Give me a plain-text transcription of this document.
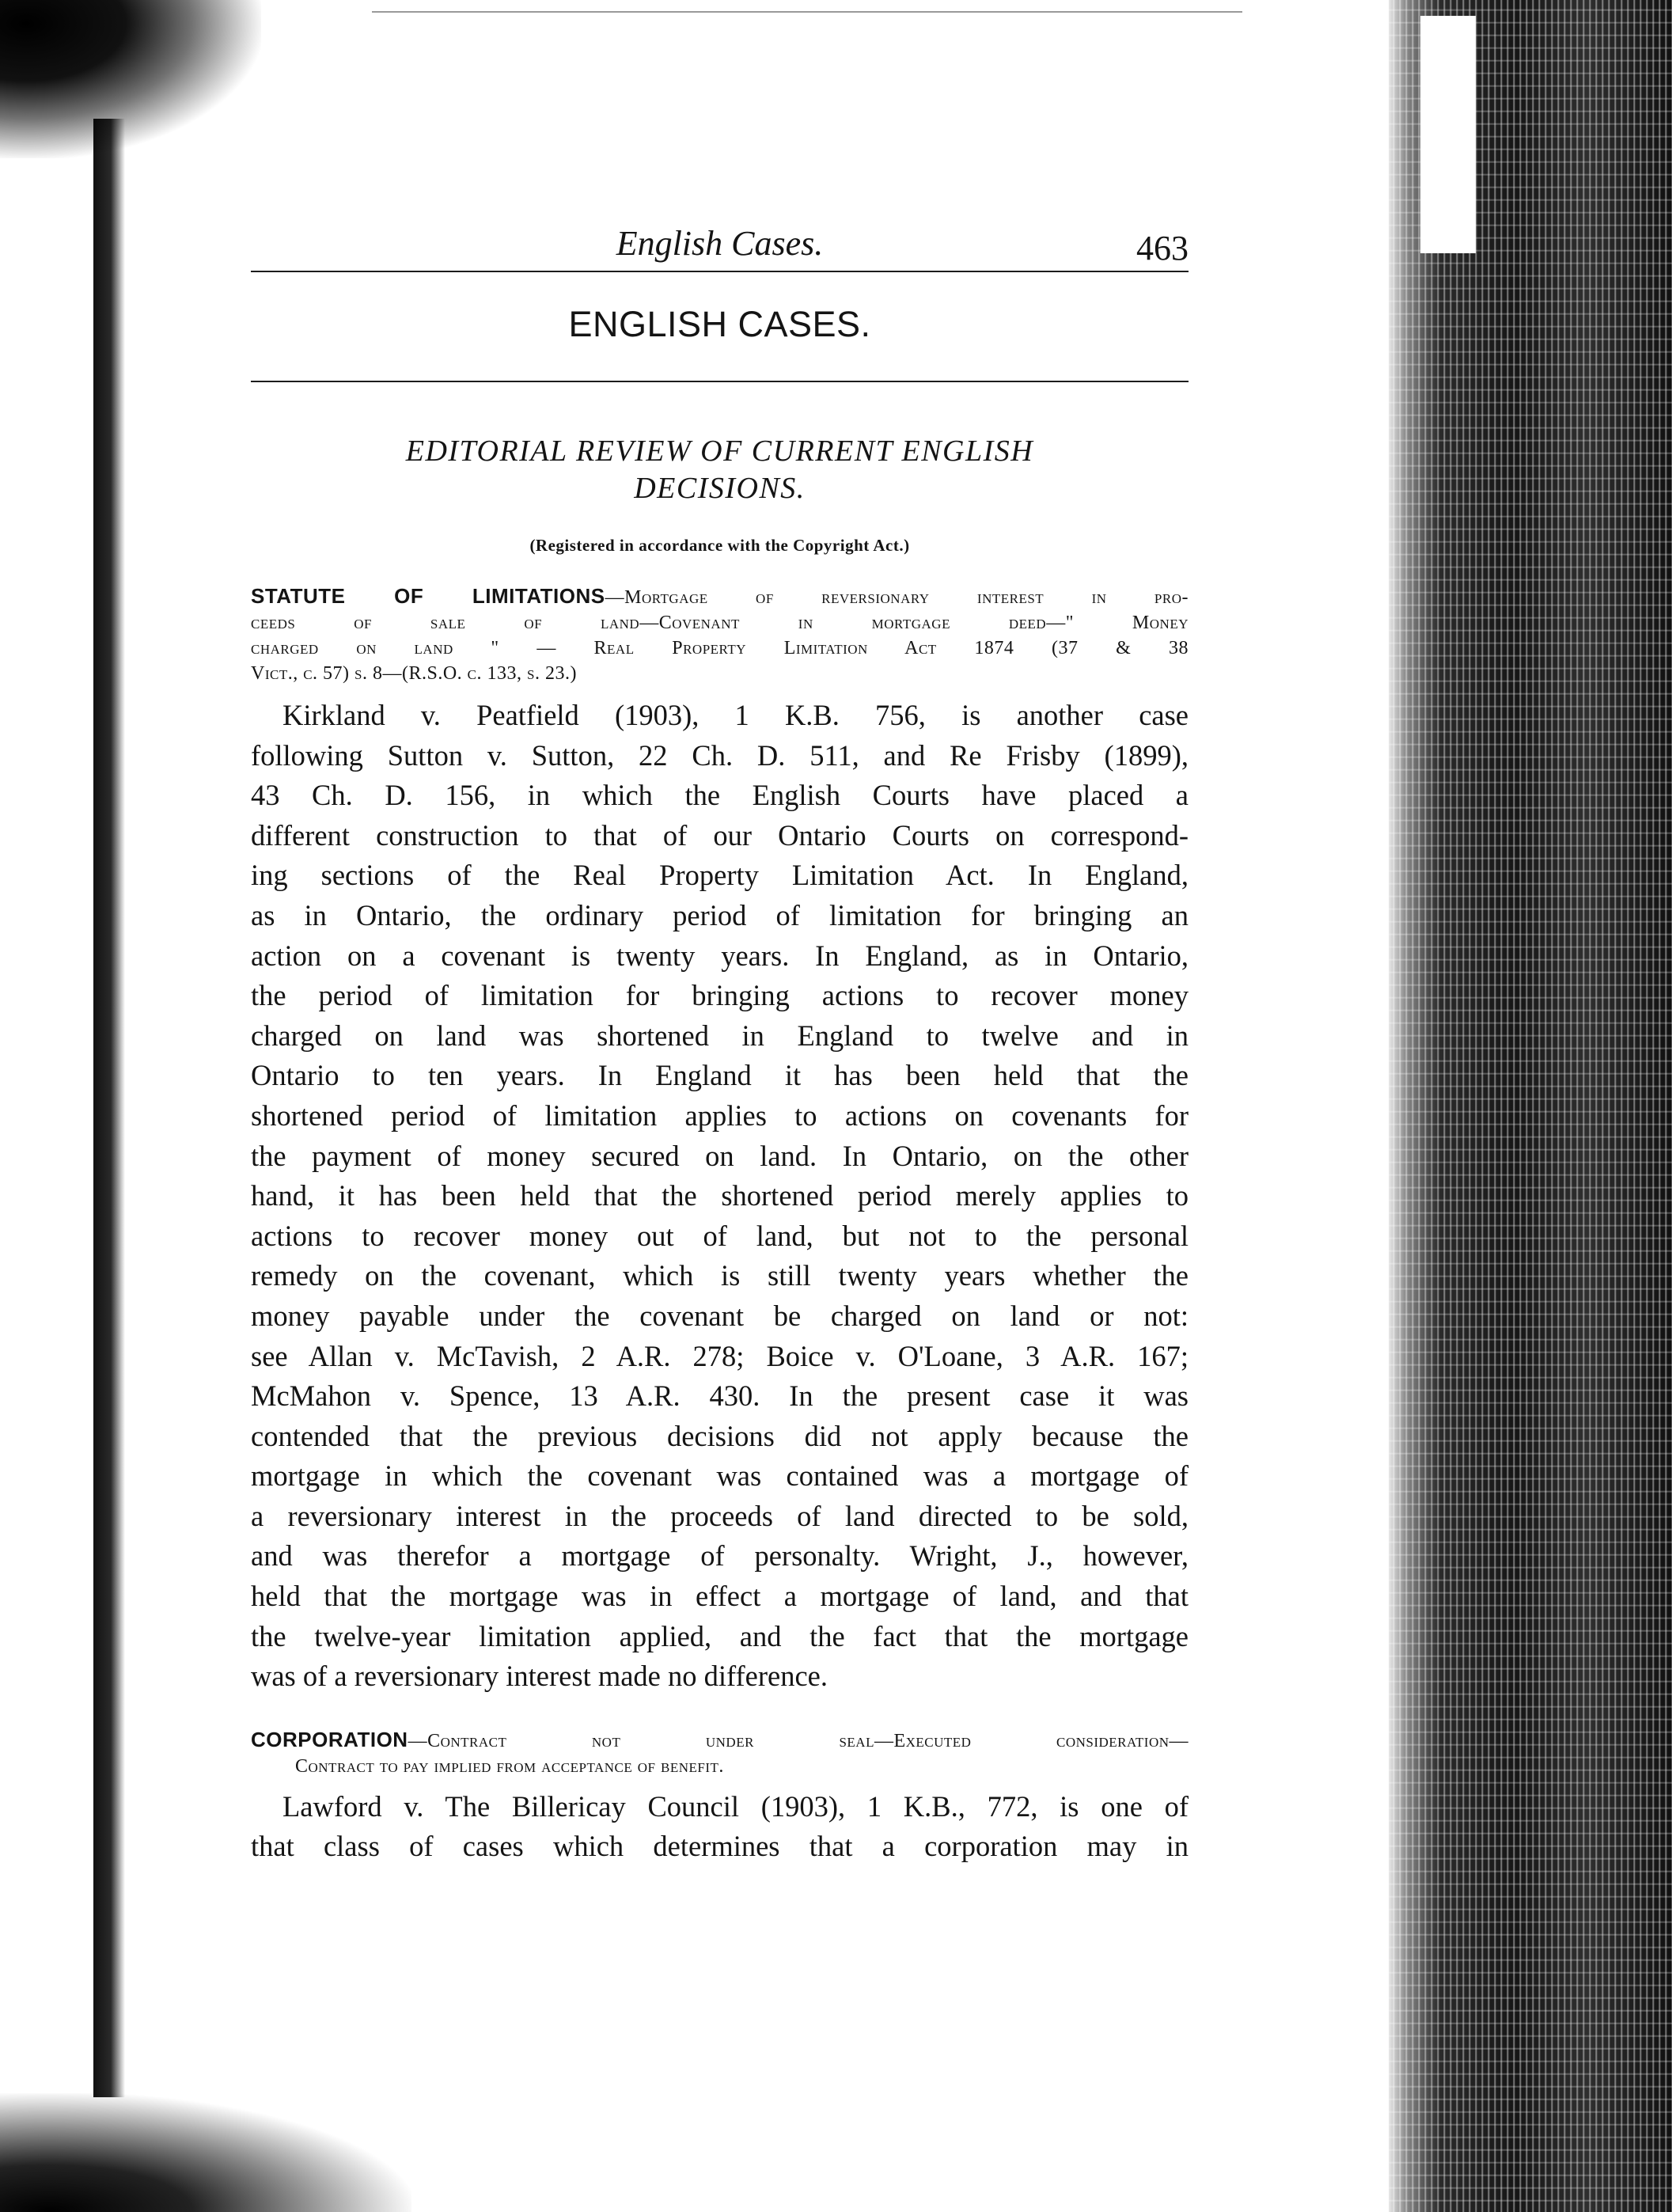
English Cases.	463
ENGLISH CASES.
EDITORIAL REVIEW OF CURRENT ENGLISH
DECISIONS.
(Registered in accordance with the Copyright Act.)
STATUTE OF LIMITATIONS—Mortgage of reversionary interest in pro-
ceeds of sale of land—Covenant in mortgage deed—" Money
charged on land " — Real Property Limitation Act 1874 (37 & 38
Vict., c. 57) s. 8—(R.S.O. c. 133, s. 23.)
Kirkland v. Peatfield (1903), 1 K.B. 756, is another case
following Sutton v. Sutton, 22 Ch. D. 511, and Re Frisby (1899),
43 Ch. D. 156, in which the English Courts have placed a
different construction to that of our Ontario Courts on correspond-
ing sections of the Real Property Limitation Act. In England,
as in Ontario, the ordinary period of limitation for bringing an
action on a covenant is twenty years. In England, as in Ontario,
the period of limitation for bringing actions to recover money
charged on land was shortened in England to twelve and in
Ontario to ten years. In England it has been held that the
shortened period of limitation applies to actions on covenants for
the payment of money secured on land. In Ontario, on the other
hand, it has been held that the shortened period merely applies to
actions to recover money out of land, but not to the personal
remedy on the covenant, which is still twenty years whether the
money payable under the covenant be charged on land or not:
see Allan v. McTavish, 2 A.R. 278; Boice v. O'Loane, 3 A.R. 167;
McMahon v. Spence, 13 A.R. 430. In the present case it was
contended that the previous decisions did not apply because the
mortgage in which the covenant was contained was a mortgage of
a reversionary interest in the proceeds of land directed to be sold,
and was therefor a mortgage of personalty. Wright, J., however,
held that the mortgage was in effect a mortgage of land, and that
the twelve-year limitation applied, and the fact that the mortgage
was of a reversionary interest made no difference.
CORPORATION—Contract not under seal—Executed consideration—
Contract to pay implied from acceptance of benefit.
Lawford v. The Billericay Council (1903), 1 K.B., 772, is one of
that class of cases which determines that a corporation may in
